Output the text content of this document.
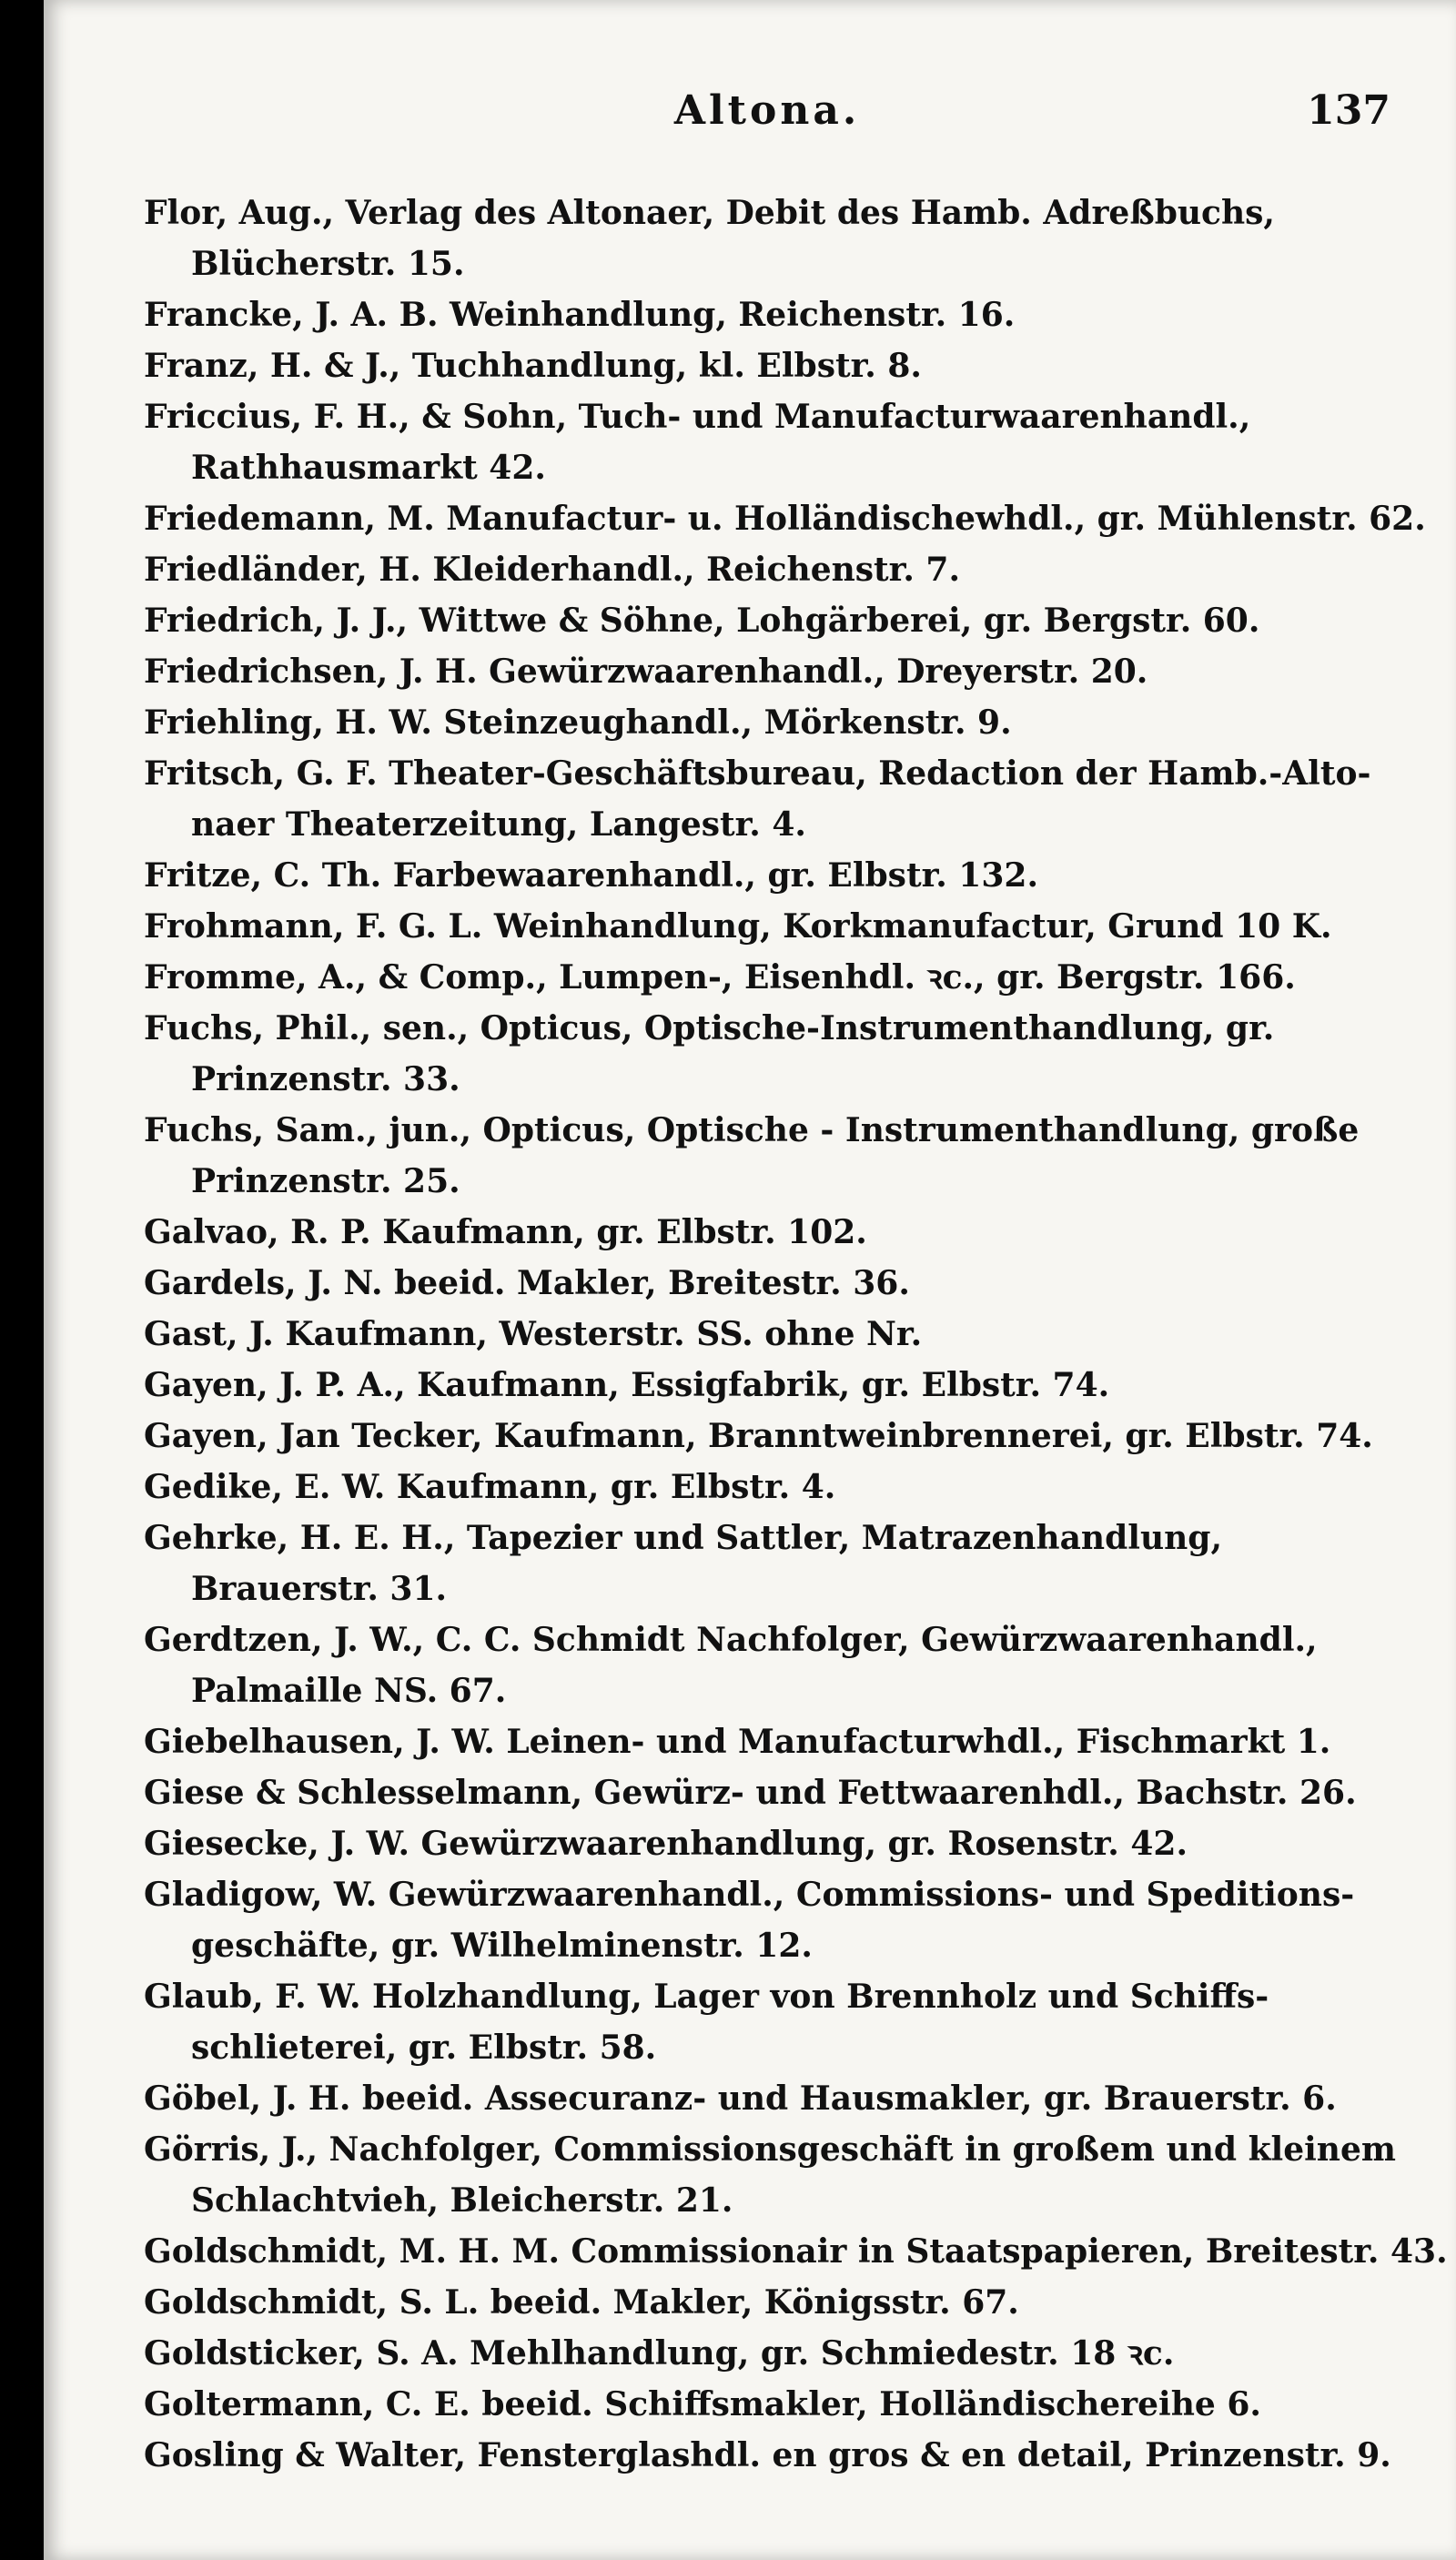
Altona.	137
Flor, Aug., Verlag des Altonaer, Debit des Hamb. Adreßbuchs,
Blücherstr. 15.
Francke, J. A. B. Weinhandlung, Reichenstr. 16.
Franz, H. & J., Tuchhandlung, kl. Elbstr. 8.
Friccius, F. H., & Sohn, Tuch- und Manufacturwaarenhandl.,
Rathhausmarkt 42.
Friedemann, M. Manufactur- u. Holländischewhdl., gr. Mühlenstr. 62.
Friedländer, H. Kleiderhandl., Reichenstr. 7.
Friedrich, J. J., Wittwe & Söhne, Lohgärberei, gr. Bergstr. 60.
Friedrichsen, J. H. Gewürzwaarenhandl., Dreyerstr. 20.
Friehling, H. W. Steinzeughandl., Mörkenstr. 9.
Fritsch, G. F. Theater-Geschäftsbureau, Redaction der Hamb.-Alto-
naer Theaterzeitung, Langestr. 4.
Fritze, C. Th. Farbewaarenhandl., gr. Elbstr. 132.
Frohmann, F. G. L. Weinhandlung, Korkmanufactur, Grund 10 K.
Fromme, A., & Comp., Lumpen-, Eisenhdl. ꝛc., gr. Bergstr. 166.
Fuchs, Phil., sen., Opticus, Optische-Instrumenthandlung, gr.
Prinzenstr. 33.
Fuchs, Sam., jun., Opticus, Optische - Instrumenthandlung, große
Prinzenstr. 25.
Galvao, R. P. Kaufmann, gr. Elbstr. 102.
Gardels, J. N. beeid. Makler, Breitestr. 36.
Gast, J. Kaufmann, Westerstr. SS. ohne Nr.
Gayen, J. P. A., Kaufmann, Essigfabrik, gr. Elbstr. 74.
Gayen, Jan Tecker, Kaufmann, Branntweinbrennerei, gr. Elbstr. 74.
Gedike, E. W. Kaufmann, gr. Elbstr. 4.
Gehrke, H. E. H., Tapezier und Sattler, Matrazenhandlung,
Brauerstr. 31.
Gerdtzen, J. W., C. C. Schmidt Nachfolger, Gewürzwaarenhandl.,
Palmaille NS. 67.
Giebelhausen, J. W. Leinen- und Manufacturwhdl., Fischmarkt 1.
Giese & Schlesselmann, Gewürz- und Fettwaarenhdl., Bachstr. 26.
Giesecke, J. W. Gewürzwaarenhandlung, gr. Rosenstr. 42.
Gladigow, W. Gewürzwaarenhandl., Commissions- und Speditions-
geschäfte, gr. Wilhelminenstr. 12.
Glaub, F. W. Holzhandlung, Lager von Brennholz und Schiffs-
schlieterei, gr. Elbstr. 58.
Göbel, J. H. beeid. Assecuranz- und Hausmakler, gr. Brauerstr. 6.
Görris, J., Nachfolger, Commissionsgeschäft in großem und kleinem
Schlachtvieh, Bleicherstr. 21.
Goldschmidt, M. H. M. Commissionair in Staatspapieren, Breitestr. 43.
Goldschmidt, S. L. beeid. Makler, Königsstr. 67.
Goldsticker, S. A. Mehlhandlung, gr. Schmiedestr. 18 ꝛc.
Goltermann, C. E. beeid. Schiffsmakler, Holländischereihe 6.
Gosling & Walter, Fensterglashdl. en gros & en detail, Prinzenstr. 9.
